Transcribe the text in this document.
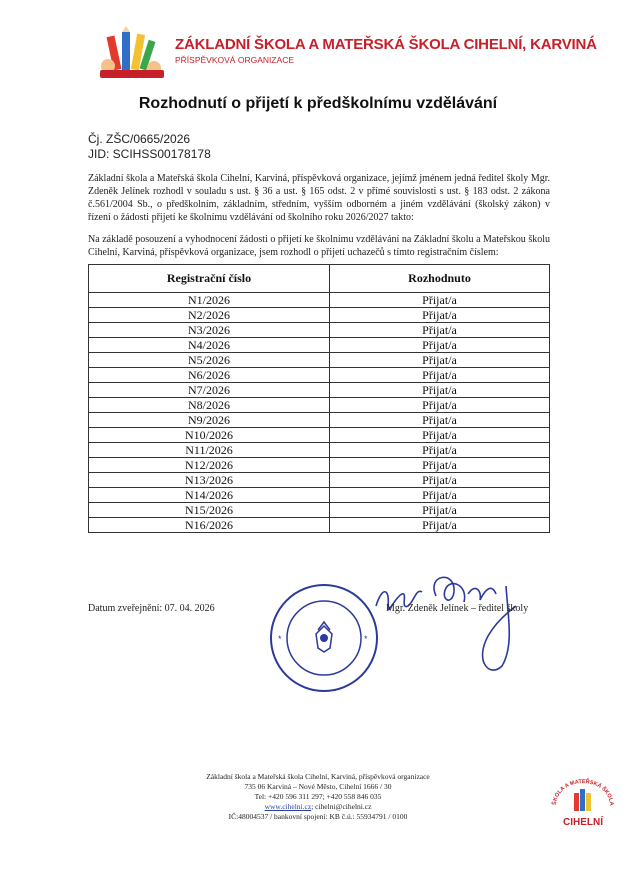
ZÁKLADNÍ ŠKOLA A MATEŘSKÁ ŠKOLA CIHELNÍ, KARVINÁ
PŘÍSPĚVKOVÁ ORGANIZACE
Rozhodnutí o přijetí k předškolnímu vzdělávání
Čj. ZŠC/0665/2026
JID: SCIHSS00178178
Základní škola a Mateřská škola Cihelní, Karviná, příspěvková organizace, jejímž jménem jedná ředitel školy Mgr. Zdeněk Jelínek rozhodl v souladu s ust. § 36 a ust. § 165 odst. 2 v přímé souvislosti s ust. § 183 odst. 2 zákona č.561/2004 Sb., o předškolním, základním, středním, vyšším odborném a jiném vzdělávání (školský zákon) v řízení o žádosti přijetí ke školnímu vzdělávání od školního roku 2026/2027 takto:
Na základě posouzení a vyhodnocení žádosti o přijetí ke školnímu vzdělávání na Základní školu a Mateřskou školu Cihelní, Karviná, příspěvková organizace, jsem rozhodl o přijetí uchazečů s tímto registračním číslem:
Registrační číslo	Rozhodnuto
N1/2026	Přijat/a
N2/2026	Přijat/a
N3/2026	Přijat/a
N4/2026	Přijat/a
N5/2026	Přijat/a
N6/2026	Přijat/a
N7/2026	Přijat/a
N8/2026	Přijat/a
N9/2026	Přijat/a
N10/2026	Přijat/a
N11/2026	Přijat/a
N12/2026	Přijat/a
N13/2026	Přijat/a
N14/2026	Přijat/a
N15/2026	Přijat/a
N16/2026	Přijat/a
Datum zveřejnění: 07. 04. 2026
*	*
Mgr. Zdeněk Jelínek – ředitel školy
Základní škola a Mateřská škola Cihelní, Karviná, příspěvková organizace
735 06 Karviná – Nové Město, Cihelní 1666 / 30
Tel: +420 596 311 297; +420 558 846 035
www.cihelni.cz; cihelni@cihelni.cz
IČ:48004537 / bankovní spojení: KB č.ú.: 55934791 / 0100
ŠKOLA A MATEŘSKÁ ŠKOLA
CIHELNÍ
